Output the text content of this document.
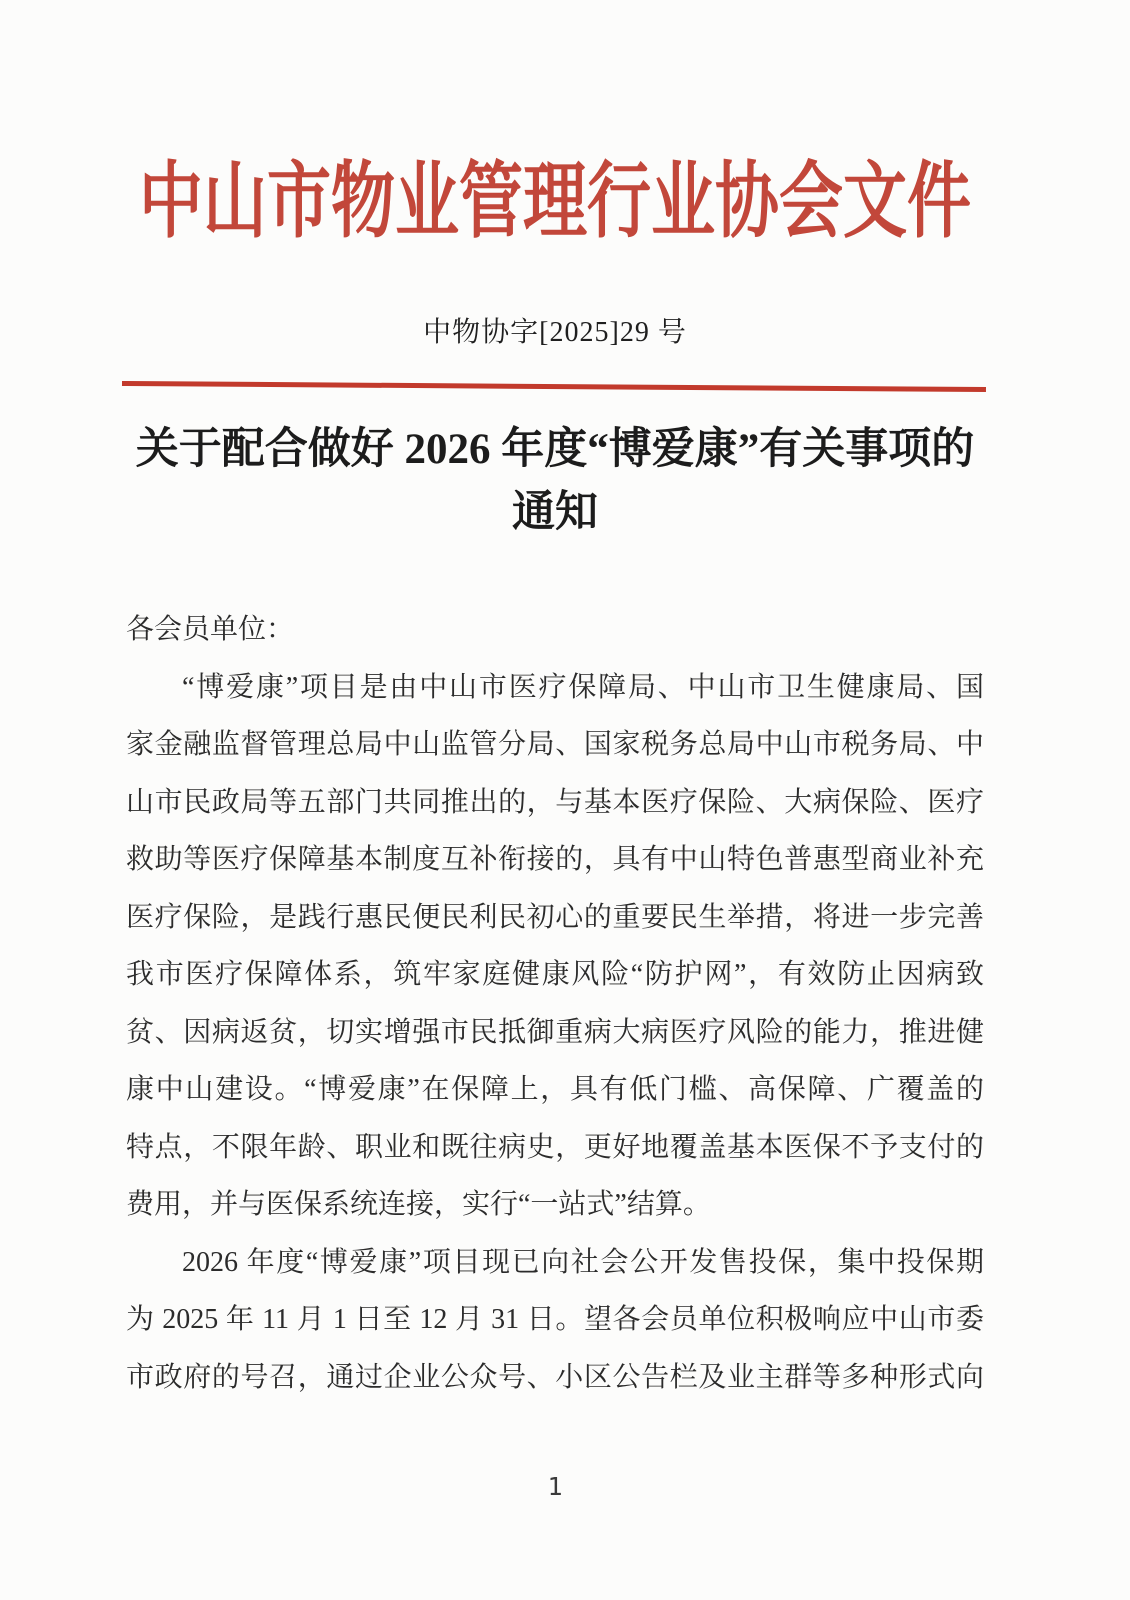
中山市物业管理行业协会文件
中物协字[2025]29 号
关于配合做好 2026 年度“博爱康”有关事项的
通知

各会员单位：

“博爱康”项目是由中山市医疗保障局、中山市卫生健康局、国

家金融监督管理总局中山监管分局、国家税务总局中山市税务局、中

山市民政局等五部门共同推出的，与基本医疗保险、大病保险、医疗

救助等医疗保障基本制度互补衔接的，具有中山特色普惠型商业补充

医疗保险，是践行惠民便民利民初心的重要民生举措，将进一步完善

我市医疗保障体系，筑牢家庭健康风险“防护网”，有效防止因病致

贫、因病返贫，切实增强市民抵御重病大病医疗风险的能力，推进健

康中山建设。“博爱康”在保障上，具有低门槛、高保障、广覆盖的

特点，不限年龄、职业和既往病史，更好地覆盖基本医保不予支付的

费用，并与医保系统连接，实行“一站式”结算。

2026 年度“博爱康”项目现已向社会公开发售投保，集中投保期

为 2025 年 11 月 1 日至 12 月 31 日。望各会员单位积极响应中山市委

市政府的号召，通过企业公众号、小区公告栏及业主群等多种形式向

1
